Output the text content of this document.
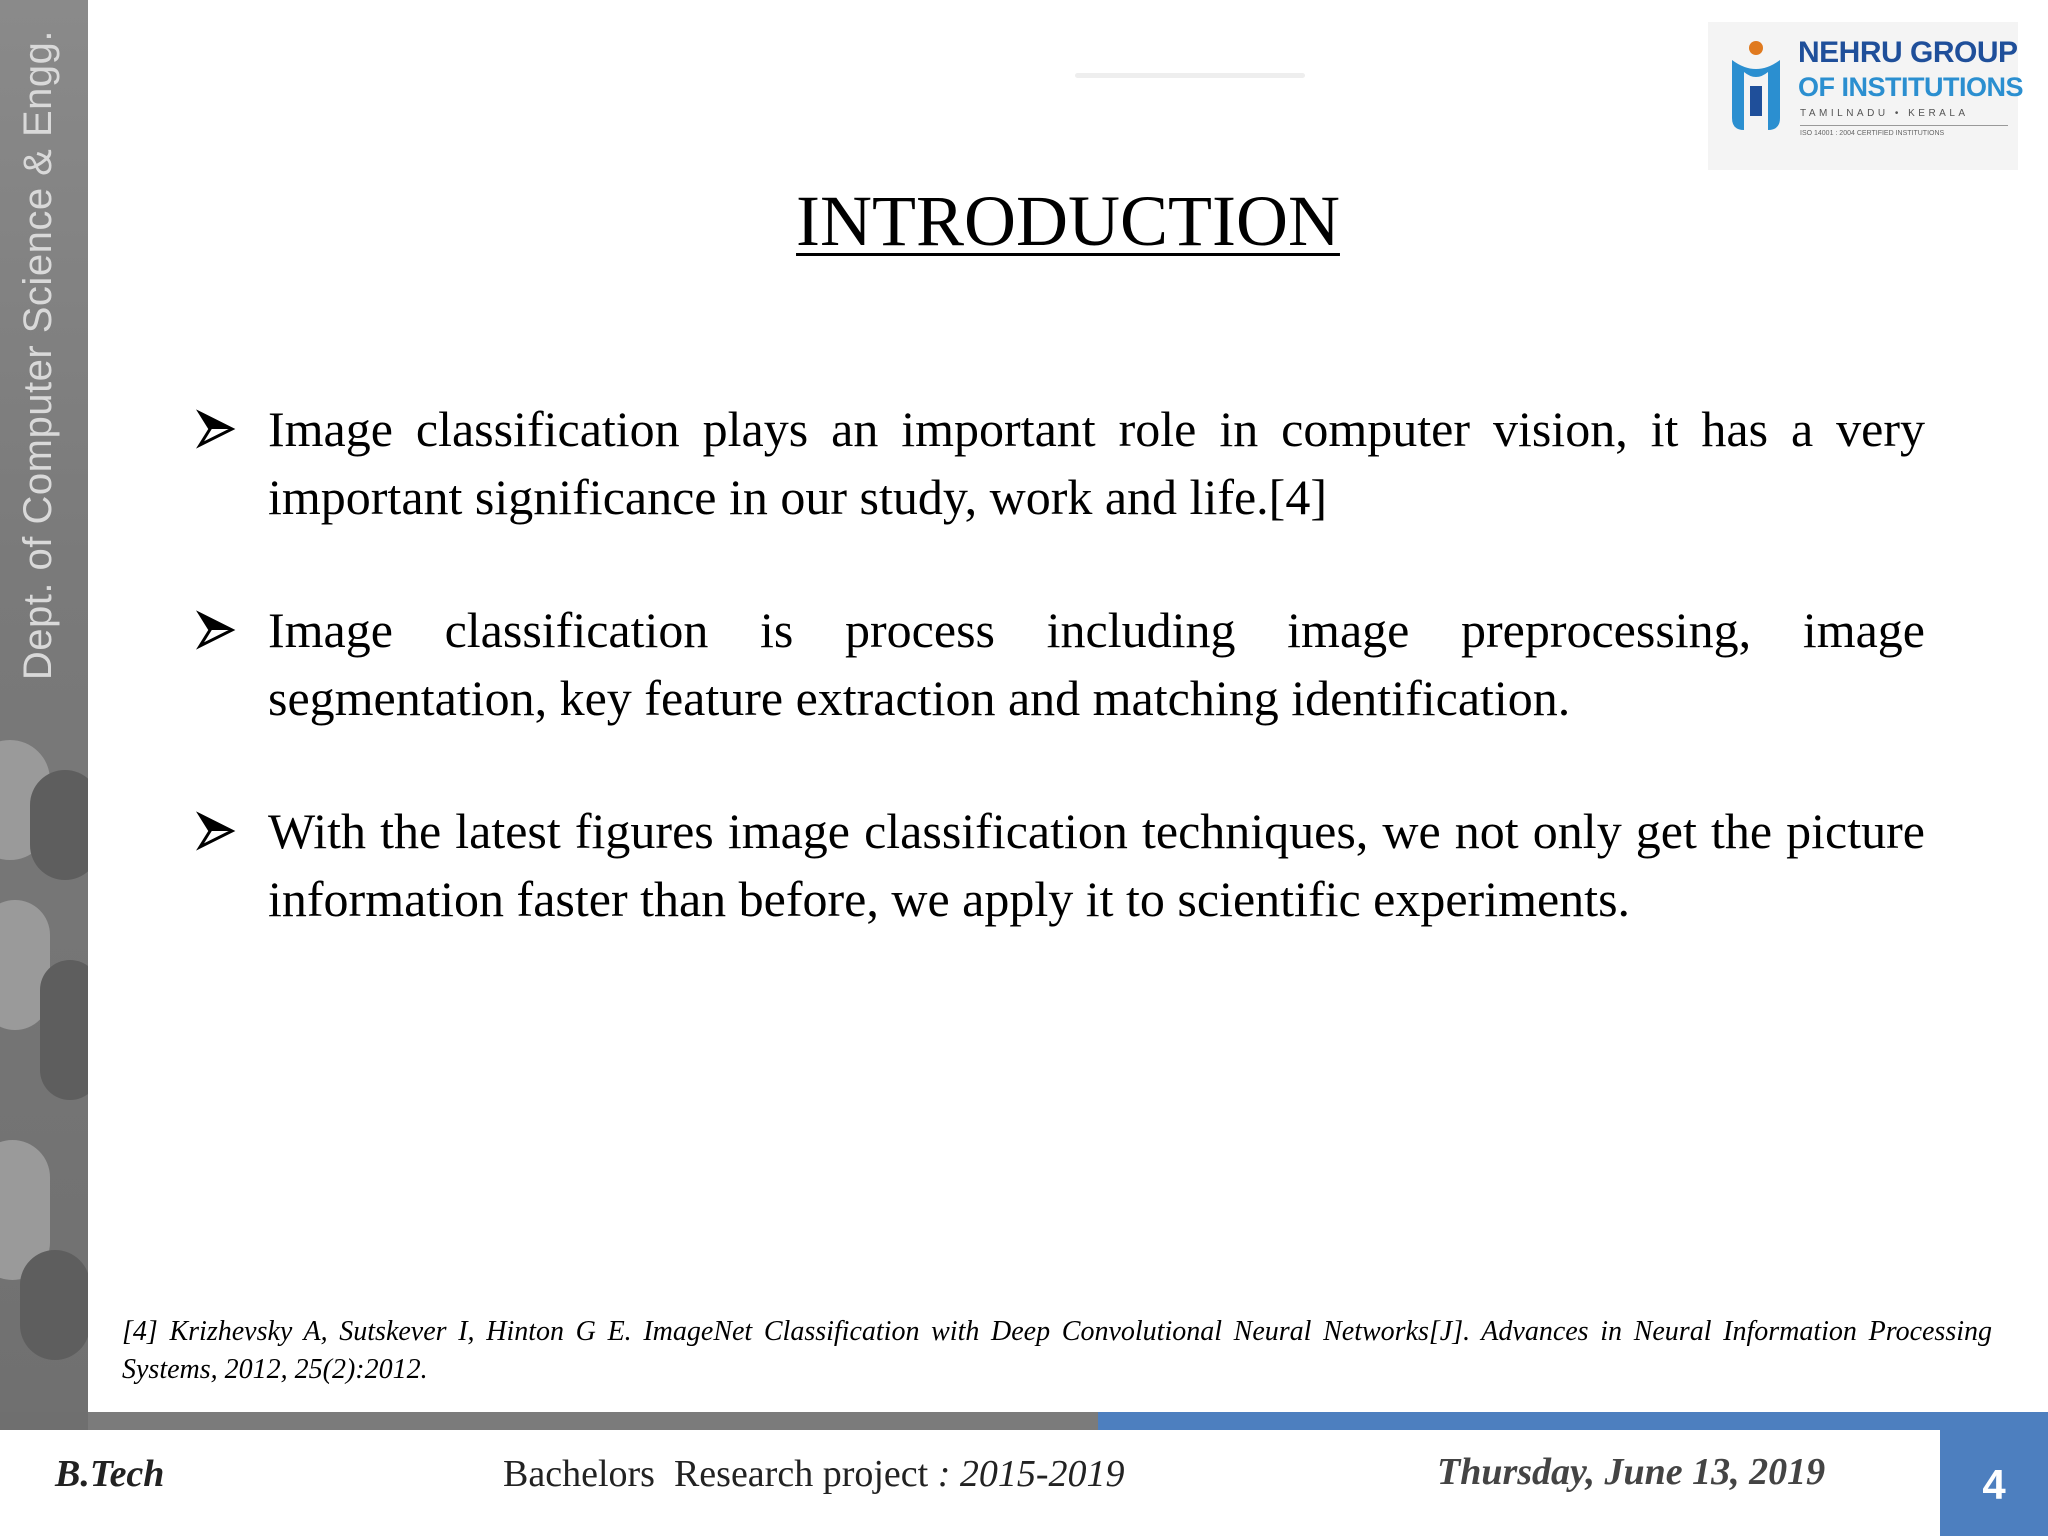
Dept. of Computer Science & Engg.	NEHRU GROUP
OF INSTITUTIONS
TAMILNADU • KERALA
ISO 14001 : 2004 CERTIFIED INSTITUTIONS
INTRODUCTION
Image classification plays an important role in computer vision, it has a very important significance in our study, work and life.[4]
Image classification is process including image preprocessing, image segmentation, key feature extraction and matching identification.
With the latest figures image classification techniques, we not only get the picture information faster than before, we apply it to scientific experiments.
[4] Krizhevsky A, Sutskever I, Hinton G E. ImageNet Classification with Deep Convolutional Neural Networks[J]. Advances in Neural Information Processing Systems, 2012, 25(2):2012.
B.Tech	Bachelors  Research project : 2015-2019	Thursday, June 13, 2019	4
